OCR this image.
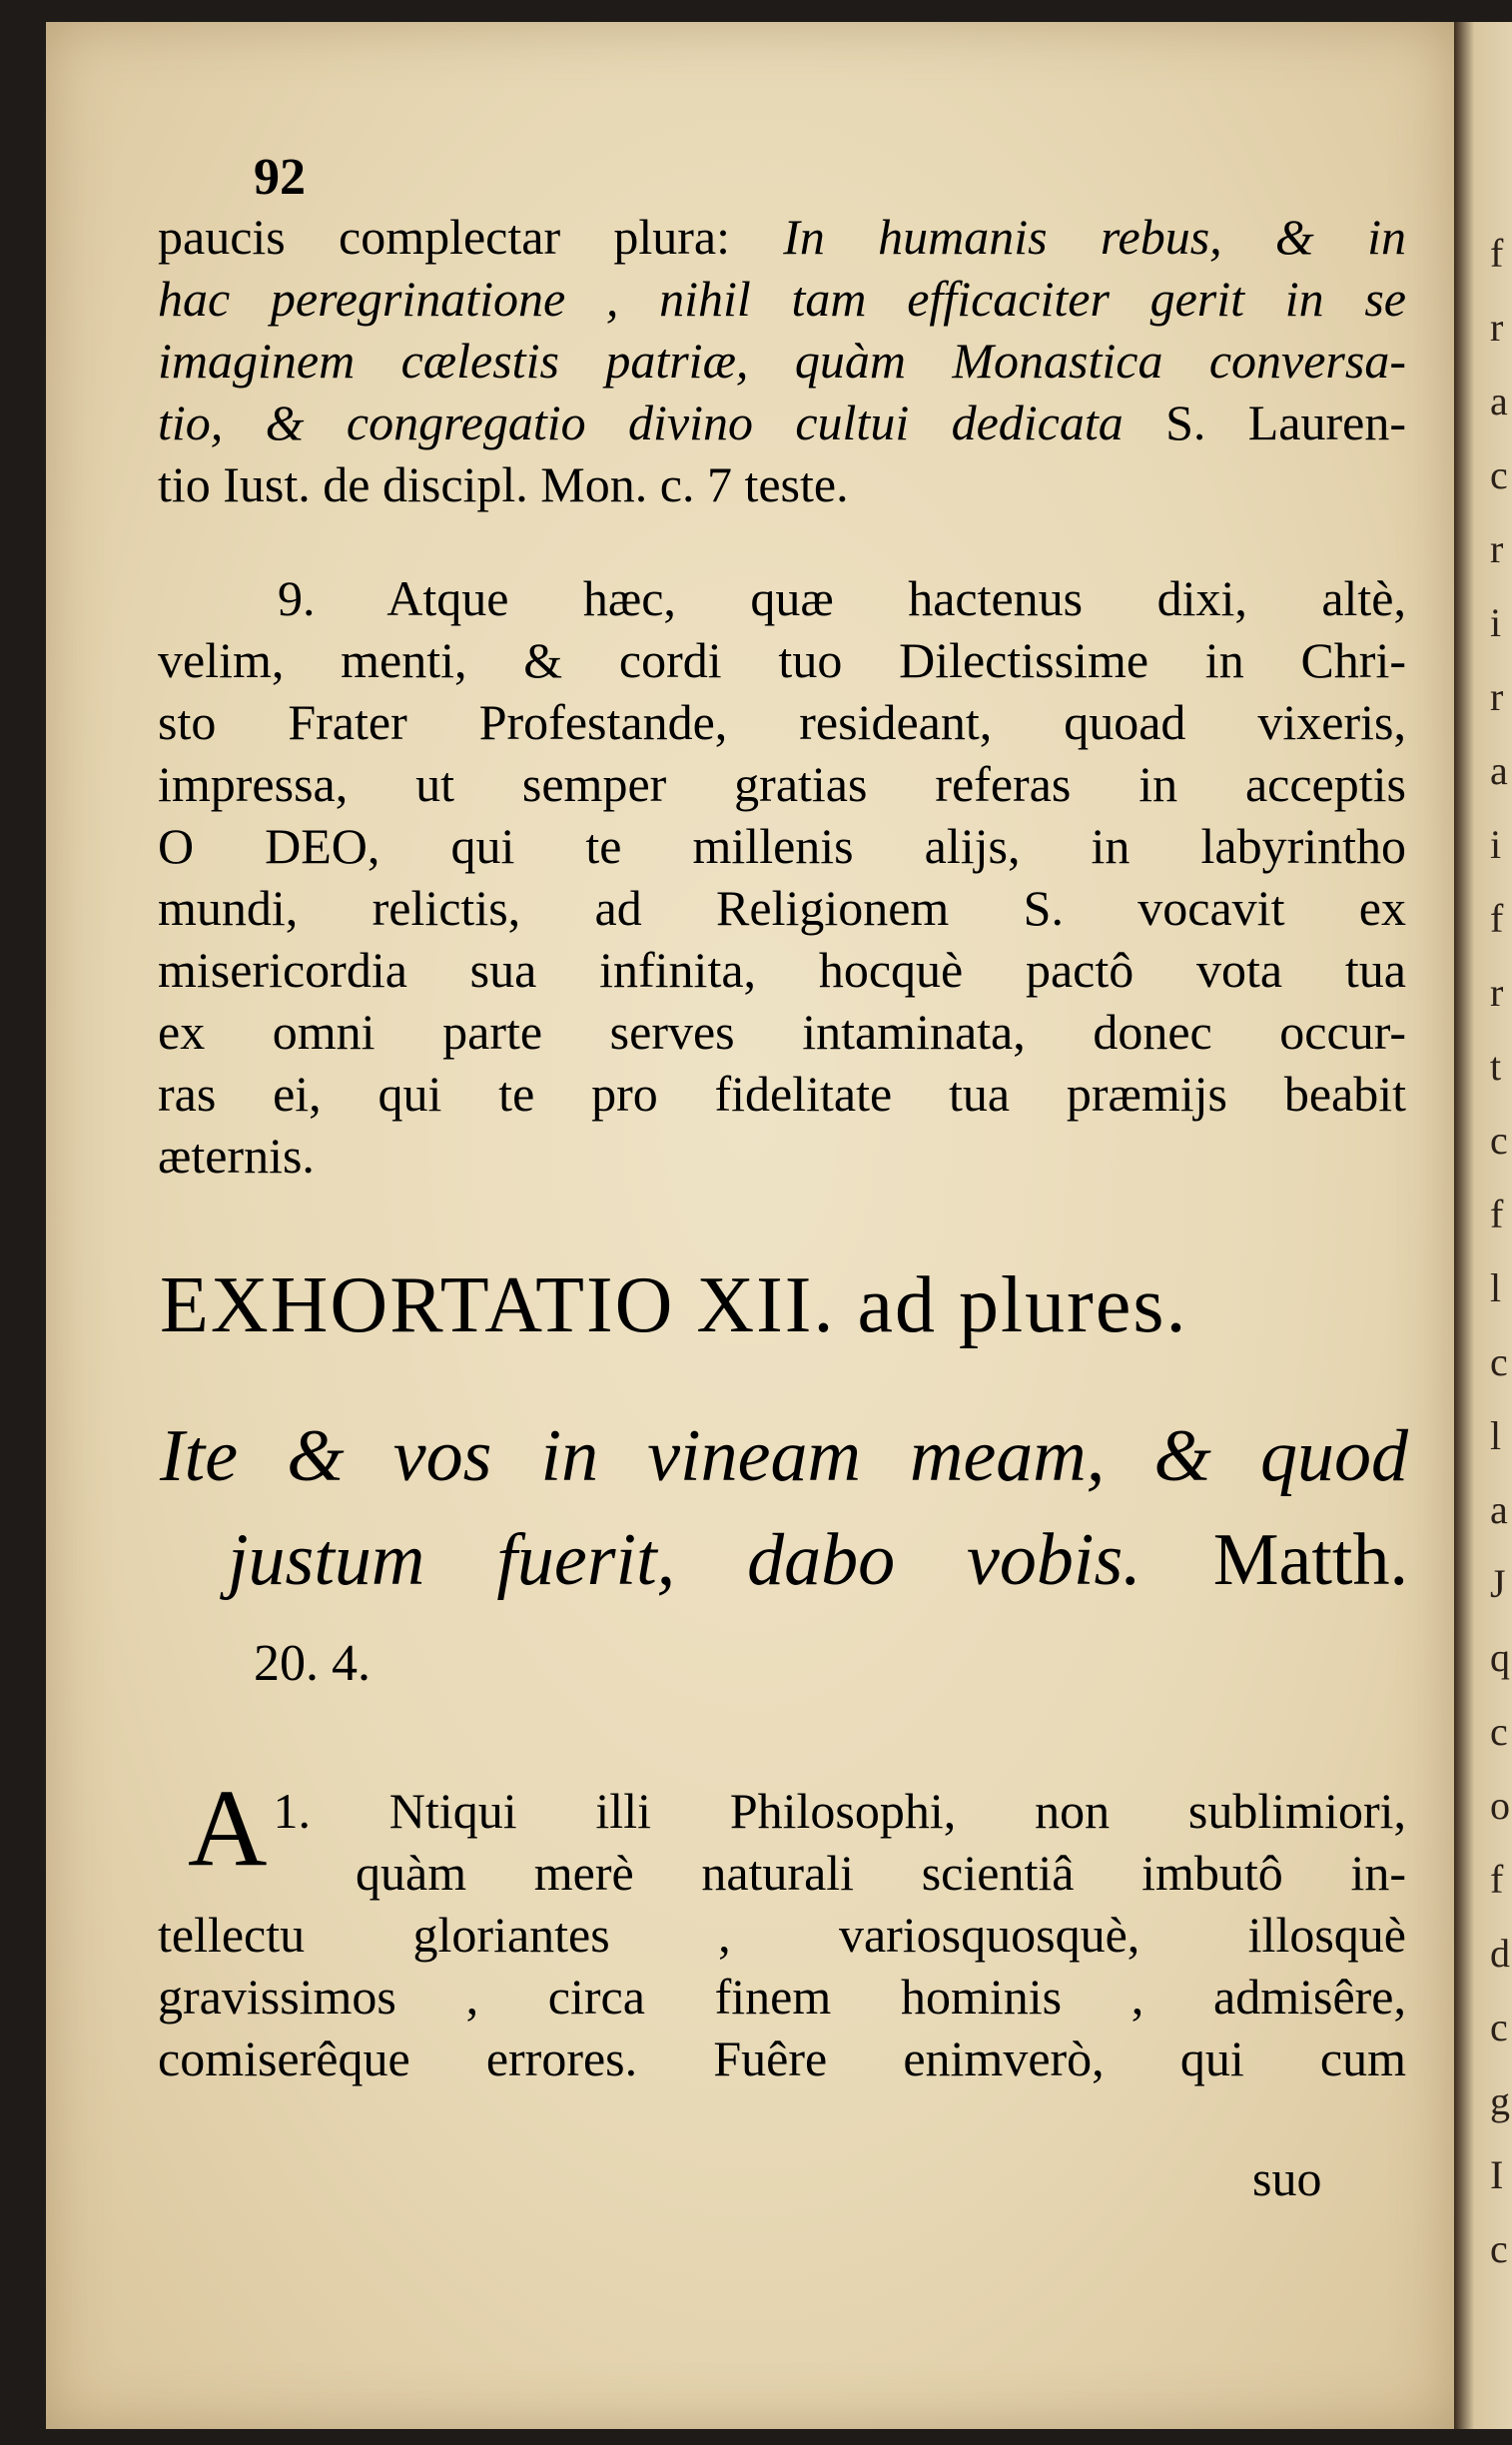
92
paucis complectar plura: In humanis rebus, & in
hac peregrinatione , nihil tam efficaciter gerit in se
imaginem cælestis patriæ, quàm Monastica conversa-
tio, & congregatio divino cultui dedicata S. Lauren-
tio Iust. de discipl. Mon. c. 7 teste.
9. Atque hæc, quæ hactenus dixi, altè,
velim, menti, & cordi tuo Dilectissime in Chri-
sto Frater Profestande, resideant, quoad vixeris,
impressa, ut semper gratias referas in acceptis
O DEO, qui te millenis alijs, in labyrintho
mundi, relictis, ad Religionem S. vocavit ex
misericordia sua infinita, hocquè pactô vota tua
ex omni parte serves intaminata, donec occur-
ras ei, qui te pro fidelitate tua præmijs beabit
æternis.
EXHORTATIO XII. ad plures.
Ite & vos in vineam meam, & quod
justum fuerit, dabo vobis. Matth.
20. 4.
1.
A Ntiqui illi Philosophi, non sublimiori,
quàm merè naturali scientiâ imbutô in-
tellectu gloriantes , variosquosquè, illosquè
gravissimos , circa finem hominis , admisêre,
comiserêque errores. Fuêre enimverò, qui cum
suo
f
r
a
c
r
i
r
a
i
f
r
t
c
f
l
c
l
a
J
q
c
o
f
d
c
g
I
c
